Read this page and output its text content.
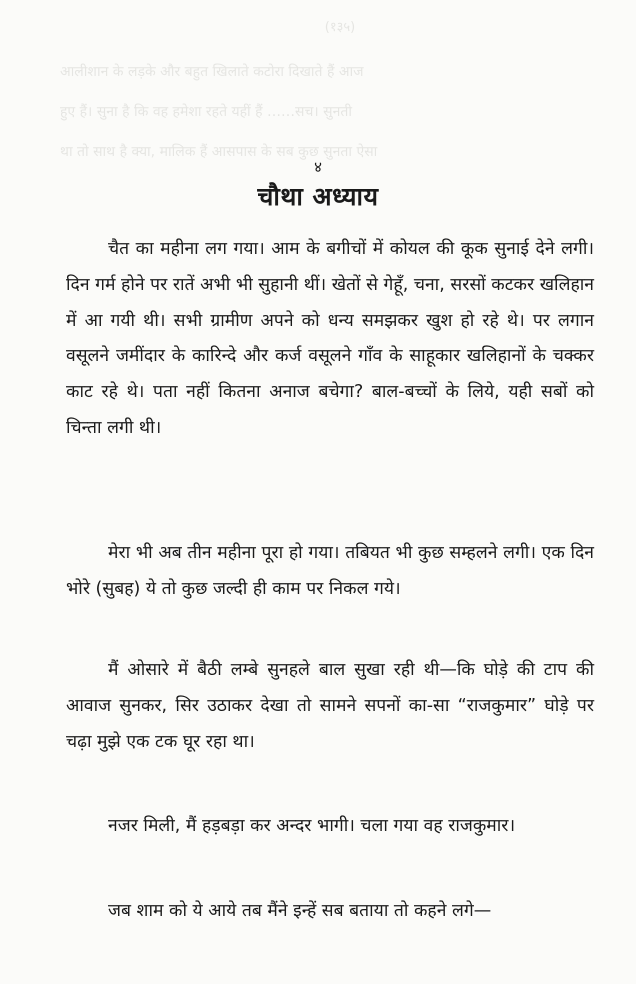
(१३५)
आलीशान के लड़के और बहुत खिलाते कटोरा दिखाते हैं आज
हुए हैं। सुना है कि वह हमेशा रहते यहीं हैं ……सच। सुनती
था तो साथ है क्या, मालिक हैं आसपास के सब कुछ सुनता ऐसा
४
चौथा अध्याय

चैत का महीना लग गया। आम के बगीचों में कोयल की कूक सुनाई देने लगी। दिन गर्म होने पर रातें अभी भी सुहानी थीं। खेतों से गेहूँ, चना, सरसों कटकर खलिहान में आ गयी थी। सभी ग्रामीण अपने को धन्य समझकर खुश हो रहे थे। पर लगान वसूलने जमींदार के कारिन्दे और कर्ज वसूलने गाँव के साहूकार खलिहानों के चक्कर काट रहे थे। पता नहीं कितना अनाज बचेगा? बाल-बच्चों के लिये, यही सबों को चिन्ता लगी थी।

मेरा भी अब तीन महीना पूरा हो गया। तबियत भी कुछ सम्हलने लगी। एक दिन भोरे (सुबह) ये तो कुछ जल्दी ही काम पर निकल गये।

मैं ओसारे में बैठी लम्बे सुनहले बाल सुखा रही थी—कि घोड़े की टाप की आवाज सुनकर, सिर उठाकर देखा तो सामने सपनों का-सा “राजकुमार” घोड़े पर चढ़ा मुझे एक टक घूर रहा था।

नजर मिली, मैं हड़बड़ा कर अन्दर भागी। चला गया वह राजकुमार।

जब शाम को ये आये तब मैंने इन्हें सब बताया तो कहने लगे—
